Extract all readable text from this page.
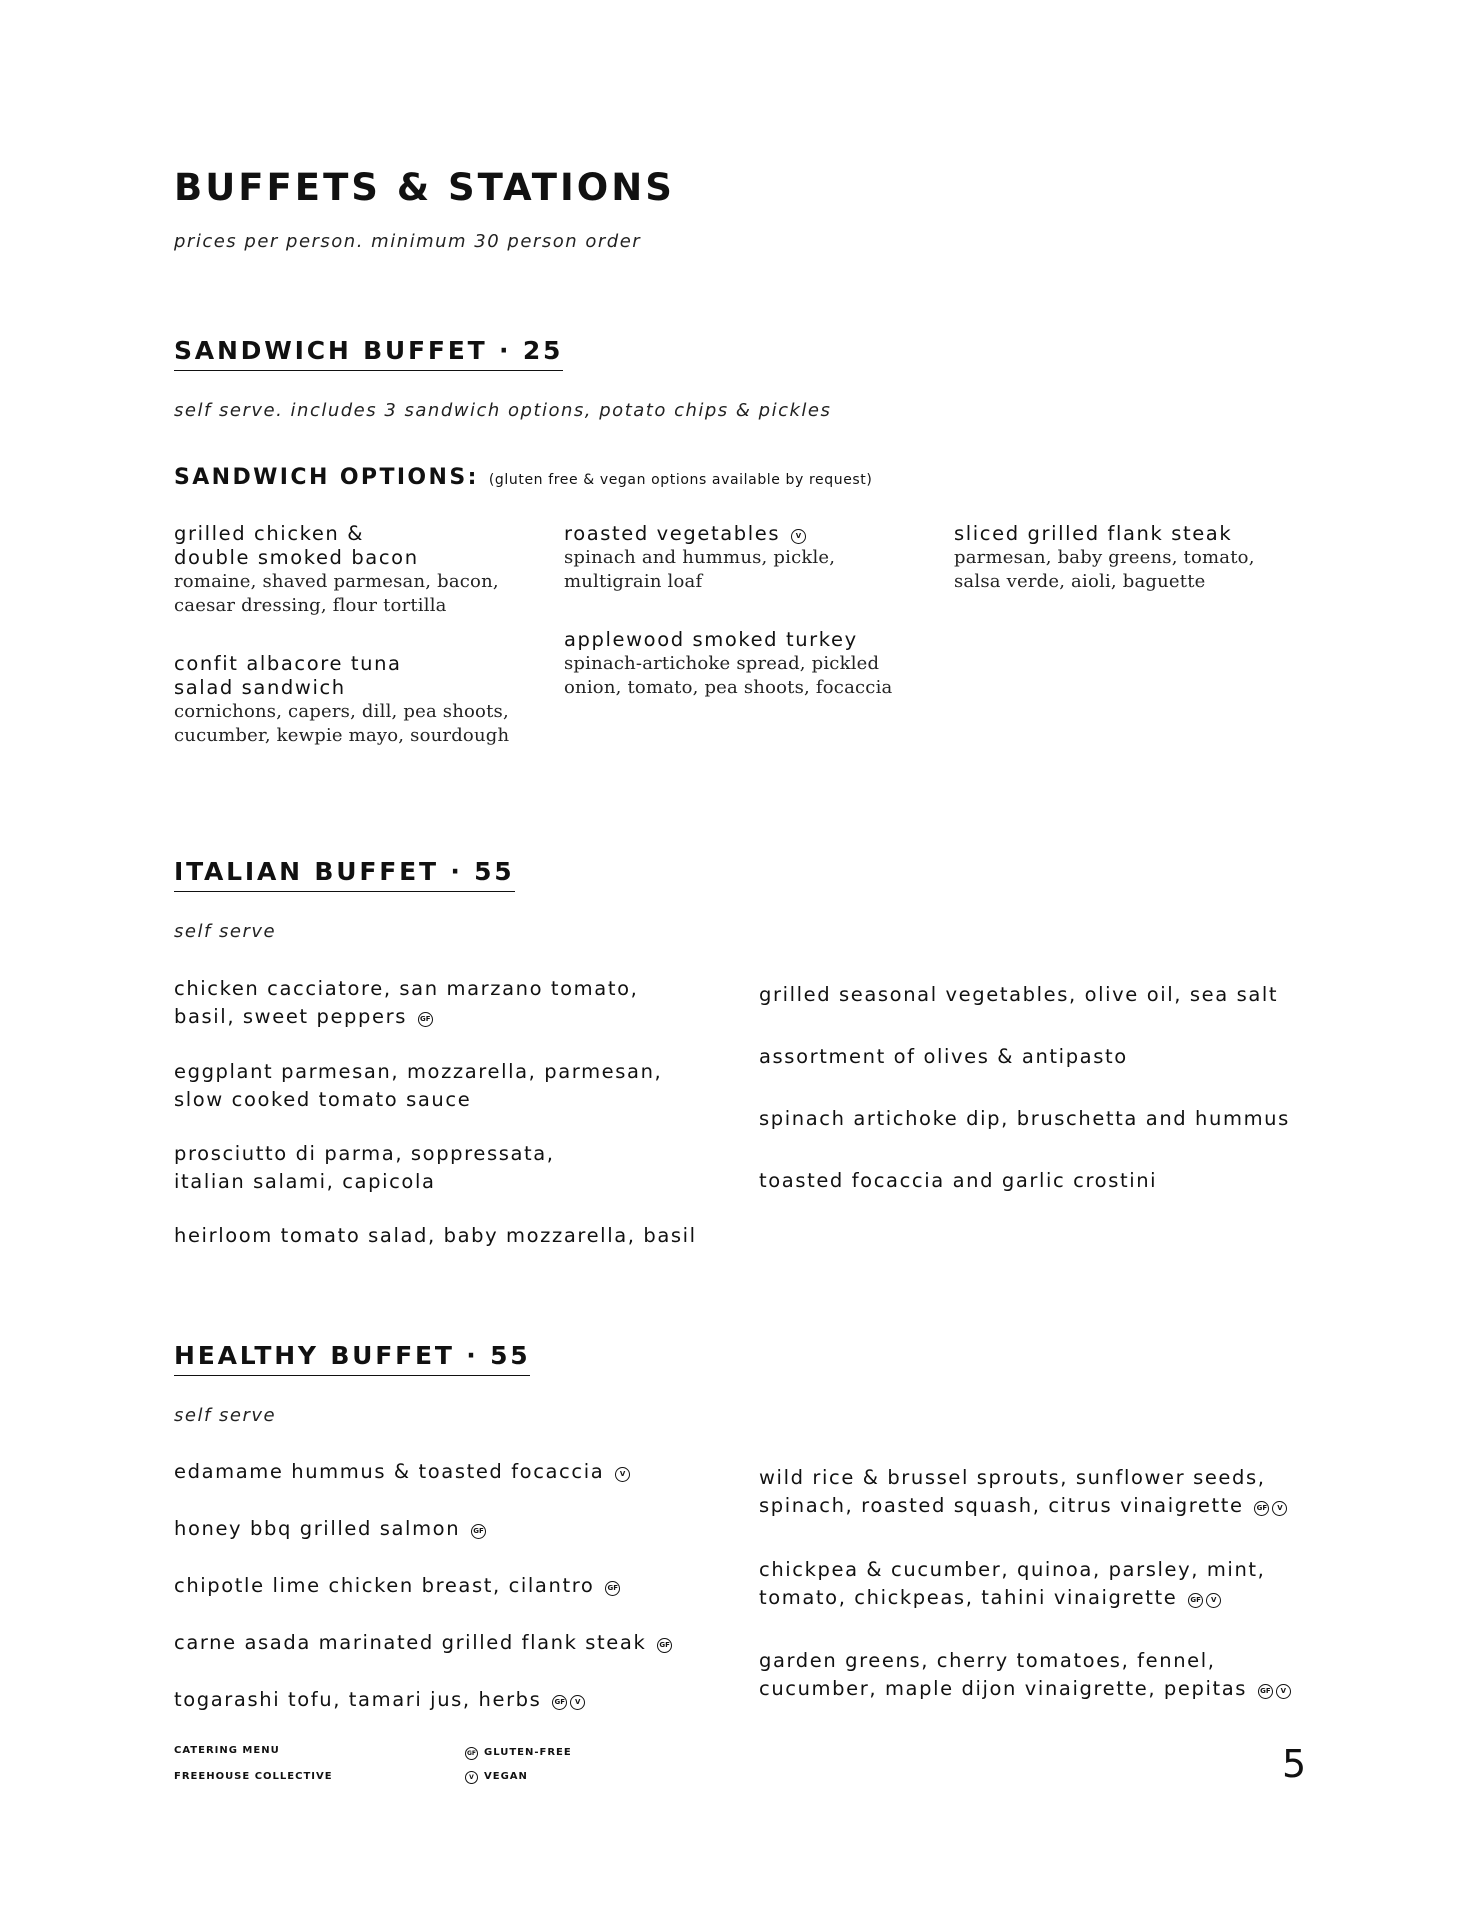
BUFFETS & STATIONS
prices per person. minimum 30 person order
SANDWICH BUFFET · 25
self serve. includes 3 sandwich options, potato chips & pickles
SANDWICH OPTIONS: (gluten free & vegan options available by request)
grilled chicken &
double smoked bacon
romaine, shaved parmesan, bacon,
caesar dressing, flour tortilla
confit albacore tuna
salad sandwich
cornichons, capers, dill, pea shoots,
cucumber, kewpie mayo, sourdough
roasted vegetables V
spinach and hummus, pickle,
multigrain loaf
applewood smoked turkey
spinach-artichoke spread, pickled
onion, tomato, pea shoots, focaccia
sliced grilled flank steak
parmesan, baby greens, tomato,
salsa verde, aioli, baguette
ITALIAN BUFFET · 55
self serve
chicken cacciatore, san marzano tomato,
basil, sweet peppers GF
eggplant parmesan, mozzarella, parmesan,
slow cooked tomato sauce
prosciutto di parma, soppressata,
italian salami, capicola
heirloom tomato salad, baby mozzarella, basil
grilled seasonal vegetables, olive oil, sea salt
assortment of olives & antipasto
spinach artichoke dip, bruschetta and hummus
toasted focaccia and garlic crostini
HEALTHY BUFFET · 55
self serve
edamame hummus & toasted focaccia V
honey bbq grilled salmon GF
chipotle lime chicken breast, cilantro GF
carne asada marinated grilled flank steak GF
togarashi tofu, tamari jus, herbs GF V
wild rice & brussel sprouts, sunflower seeds,
spinach, roasted squash, citrus vinaigrette GF V
chickpea & cucumber, quinoa, parsley, mint,
tomato, chickpeas, tahini vinaigrette GF V
garden greens, cherry tomatoes, fennel,
cucumber, maple dijon vinaigrette, pepitas GF V
CATERING MENU
FREEHOUSE COLLECTIVE
GF GLUTEN-FREE
V VEGAN	5
